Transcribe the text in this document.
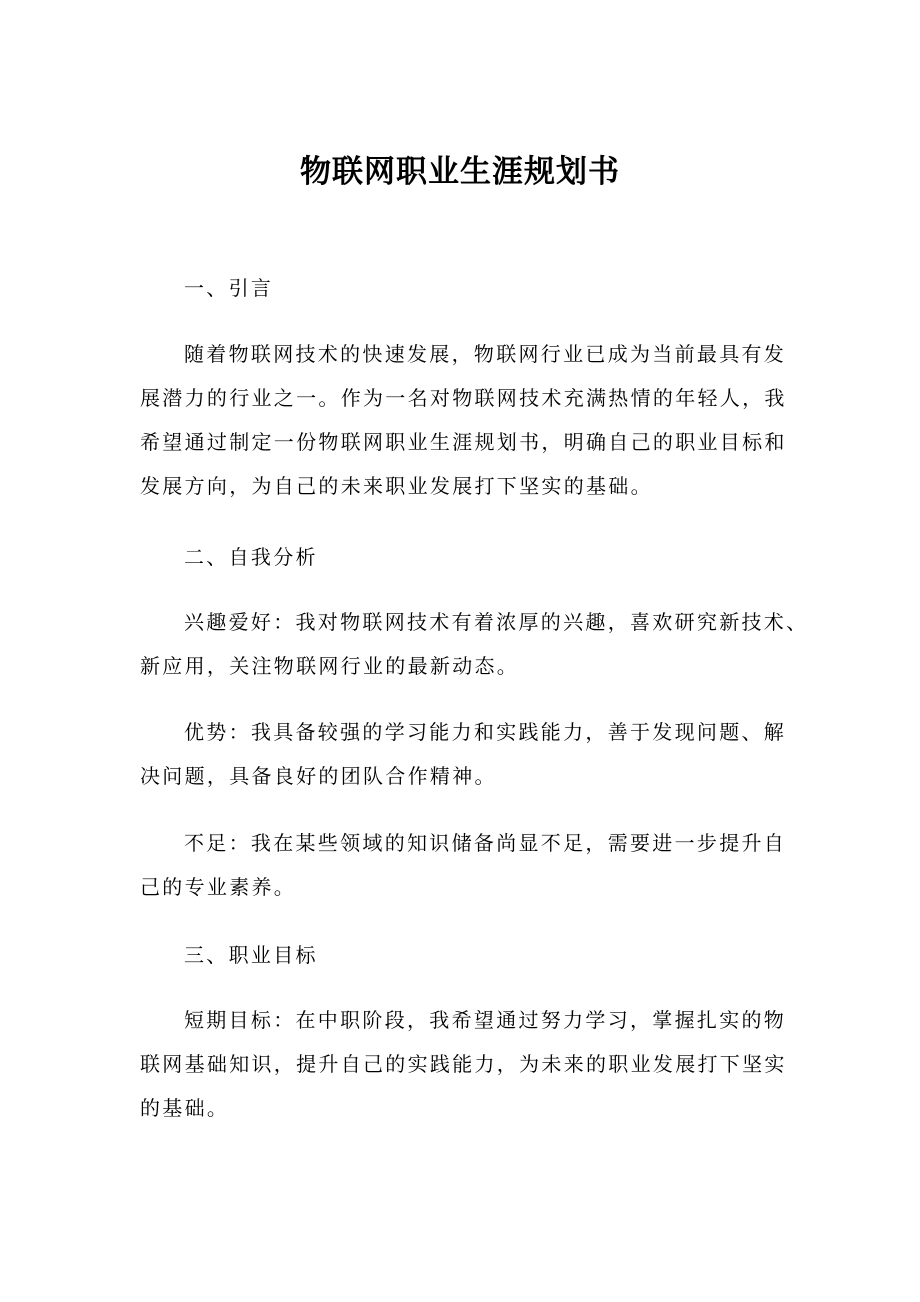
物联网职业生涯规划书

一、引言

随着物联网技术的快速发展，物联网行业已成为当前最具有发
展潜力的行业之一。作为一名对物联网技术充满热情的年轻人，我
希望通过制定一份物联网职业生涯规划书，明确自己的职业目标和
发展方向，为自己的未来职业发展打下坚实的基础。

二、自我分析

兴趣爱好：我对物联网技术有着浓厚的兴趣，喜欢研究新技术、
新应用，关注物联网行业的最新动态。

优势：我具备较强的学习能力和实践能力，善于发现问题、解
决问题，具备良好的团队合作精神。

不足：我在某些领域的知识储备尚显不足，需要进一步提升自
己的专业素养。

三、职业目标

短期目标：在中职阶段，我希望通过努力学习，掌握扎实的物
联网基础知识，提升自己的实践能力，为未来的职业发展打下坚实
的基础。
